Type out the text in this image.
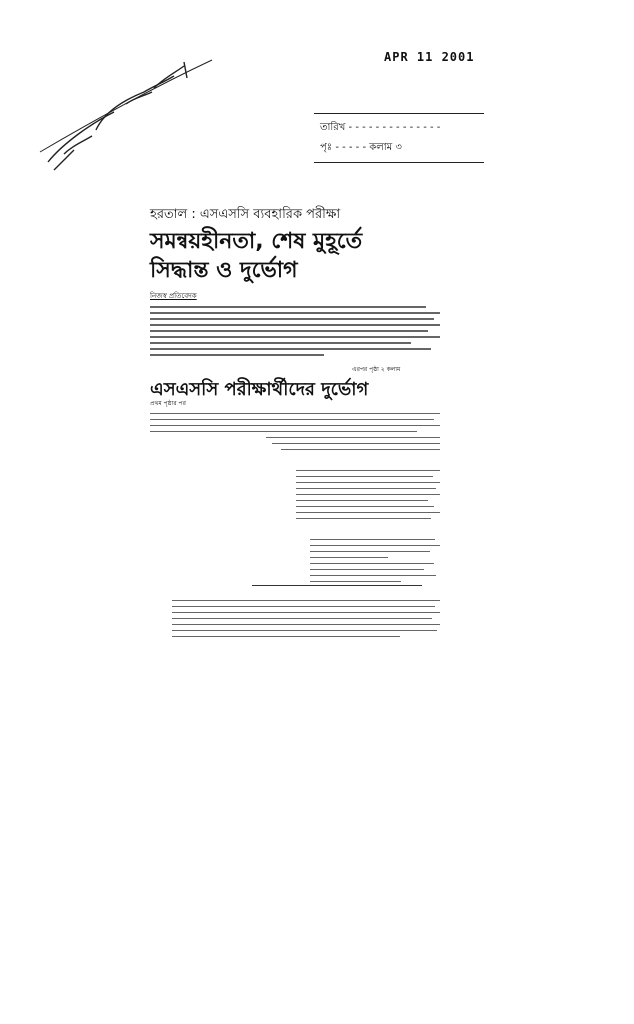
APR 11 2001
তারিখ - - - - - - - - - - - - - -
পৃঃ - - - - - কলাম ৩
হরতাল : এসএসসি ব্যবহারিক পরীক্ষা
সমন্বয়হীনতা, শেষ মুহূর্তে
সিদ্ধান্ত ও দুর্ভোগ
নিজস্ব প্রতিবেদক
এরপর পৃষ্ঠা ২ কলাম
এসএসসি পরীক্ষার্থীদের দুর্ভোগ
প্রথম পৃষ্ঠার পর
